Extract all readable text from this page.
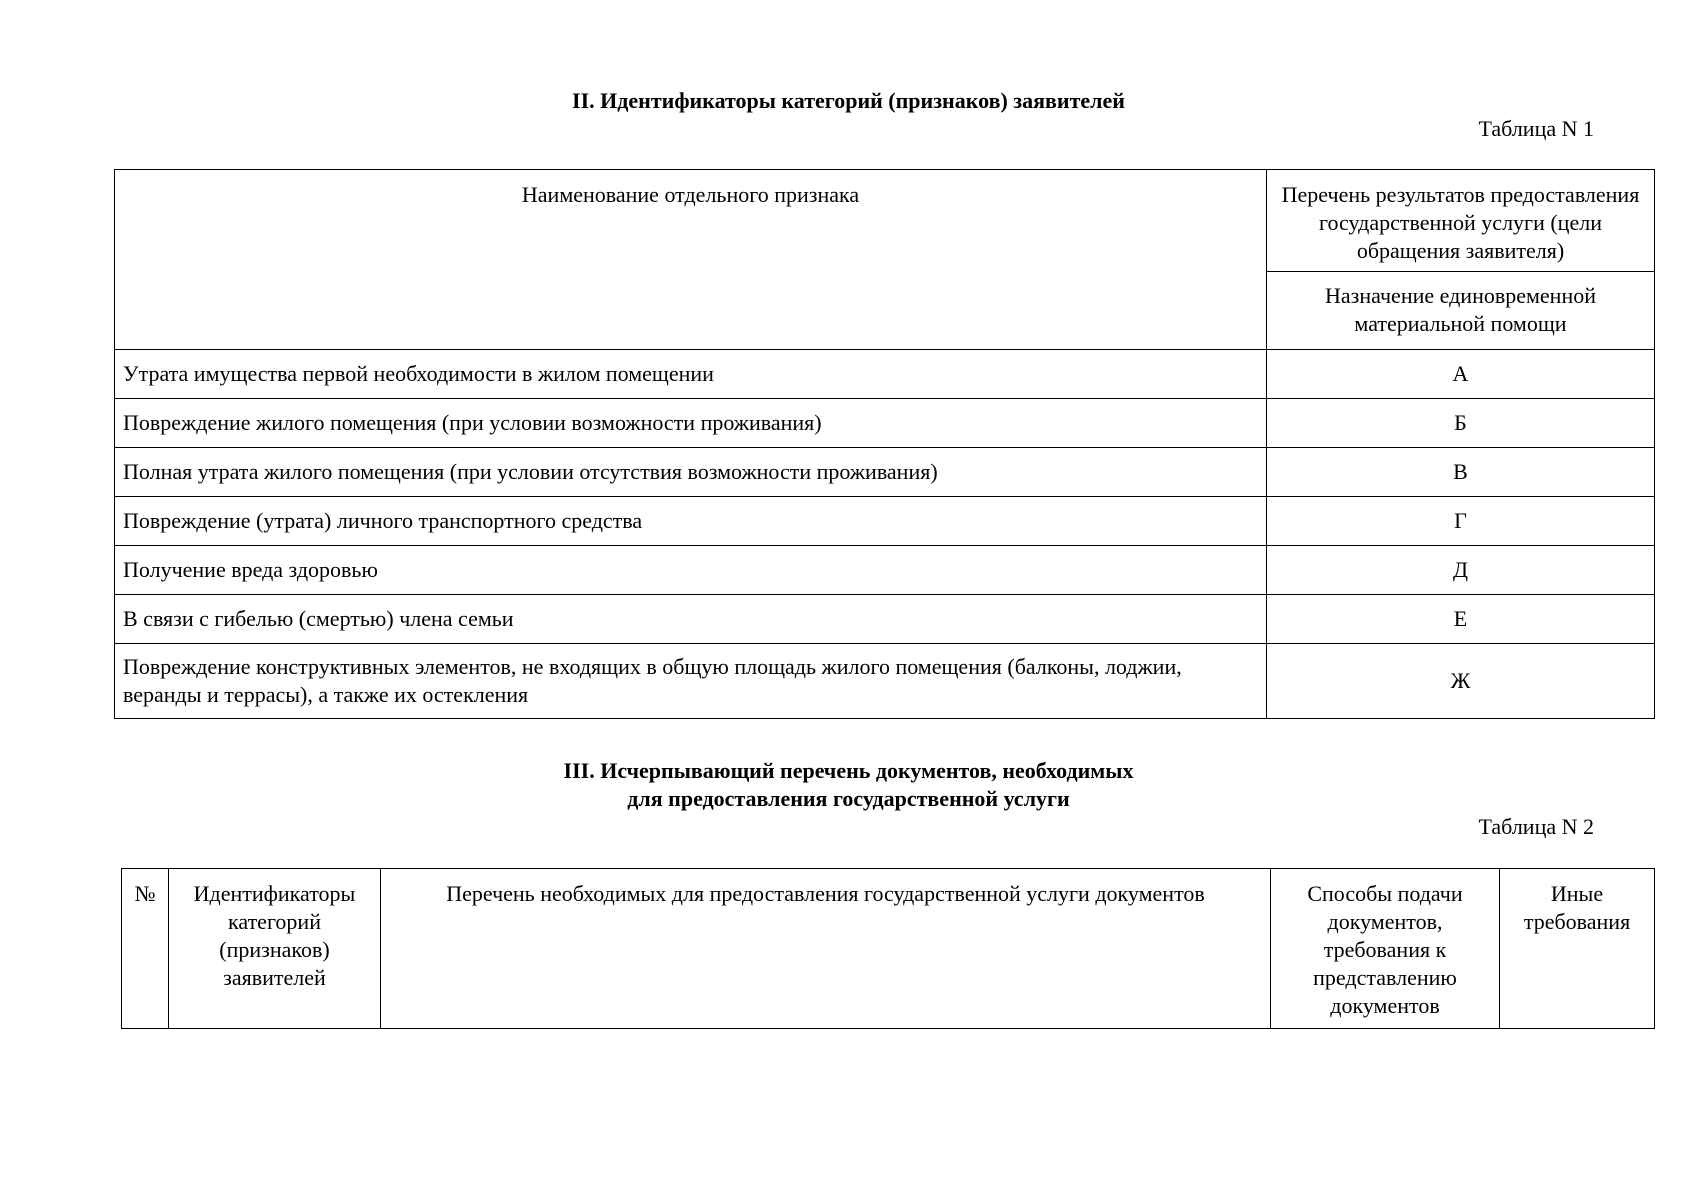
II. Идентификаторы категорий (признаков) заявителей
Таблица N 1
Наименование отдельного признака	Перечень результатов предоставления государственной услуги (цели обращения заявителя)
	Назначение единовременной материальной помощи
Утрата имущества первой необходимости в жилом помещении	А
Повреждение жилого помещения (при условии возможности проживания)	Б
Полная утрата жилого помещения (при условии отсутствия возможности проживания)	В
Повреждение (утрата) личного транспортного средства	Г
Получение вреда здоровью	Д
В связи с гибелью (смертью) члена семьи	Е
Повреждение конструктивных элементов, не входящих в общую площадь жилого помещения (балконы, лоджии, веранды и террасы), а также их остекления	Ж
III. Исчерпывающий перечень документов, необходимых
для предоставления государственной услуги
Таблица N 2
№	Идентификаторы категорий (признаков) заявителей	Перечень необходимых для предоставления государственной услуги документов	Способы подачи документов, требования к представлению документов	Иные требования
